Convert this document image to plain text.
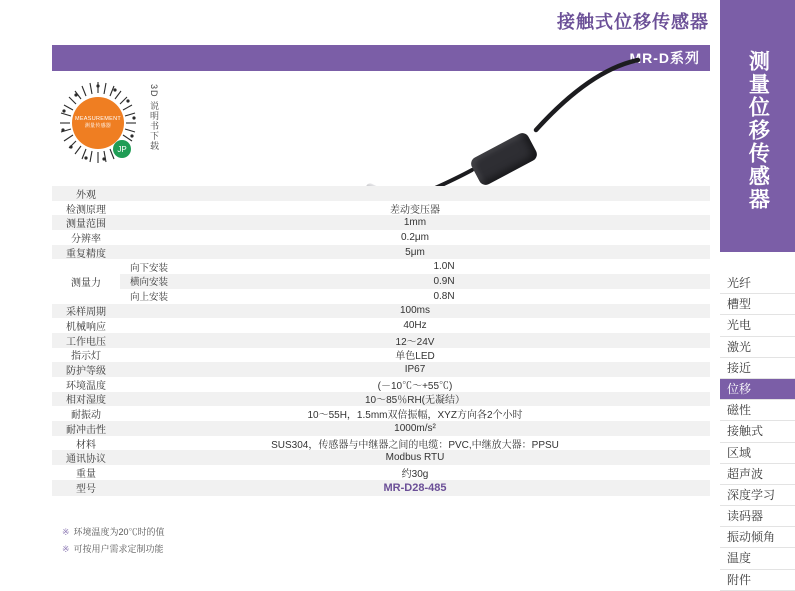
接触式位移传感器
MR-D系列
MEASUREMENT
测量传感器
JP	3D 说明书下载
外观
检测原理	差动变压器
测量范围	1mm
分辨率	0.2μm
重复精度	5μm
测量力
向下安装	1.0N
横向安装	0.9N
向上安装	0.8N
采样周期	100ms
机械响应	40Hz
工作电压	12～24V
指示灯	单色LED
防护等级	IP67
环境温度	(－10℃～+55℃)
相对湿度	10～85％RH(无凝结）
耐振动	10～55H，1.5mm双倍振幅，XYZ方向各2个小时
耐冲击性	1000m/s²
材料	SUS304，传感器与中继器之间的电缆：PVC,中继放大器：PPSU
通讯协议	Modbus RTU
重量	约30g
型号	MR-D28-485
※ 环境温度为20℃时的值
※ 可按用户需求定制功能
测量位移传感器
光纤
槽型
光电
激光
接近
位移
磁性
接触式
区域
超声波
深度学习
读码器
振动倾角
温度
附件
